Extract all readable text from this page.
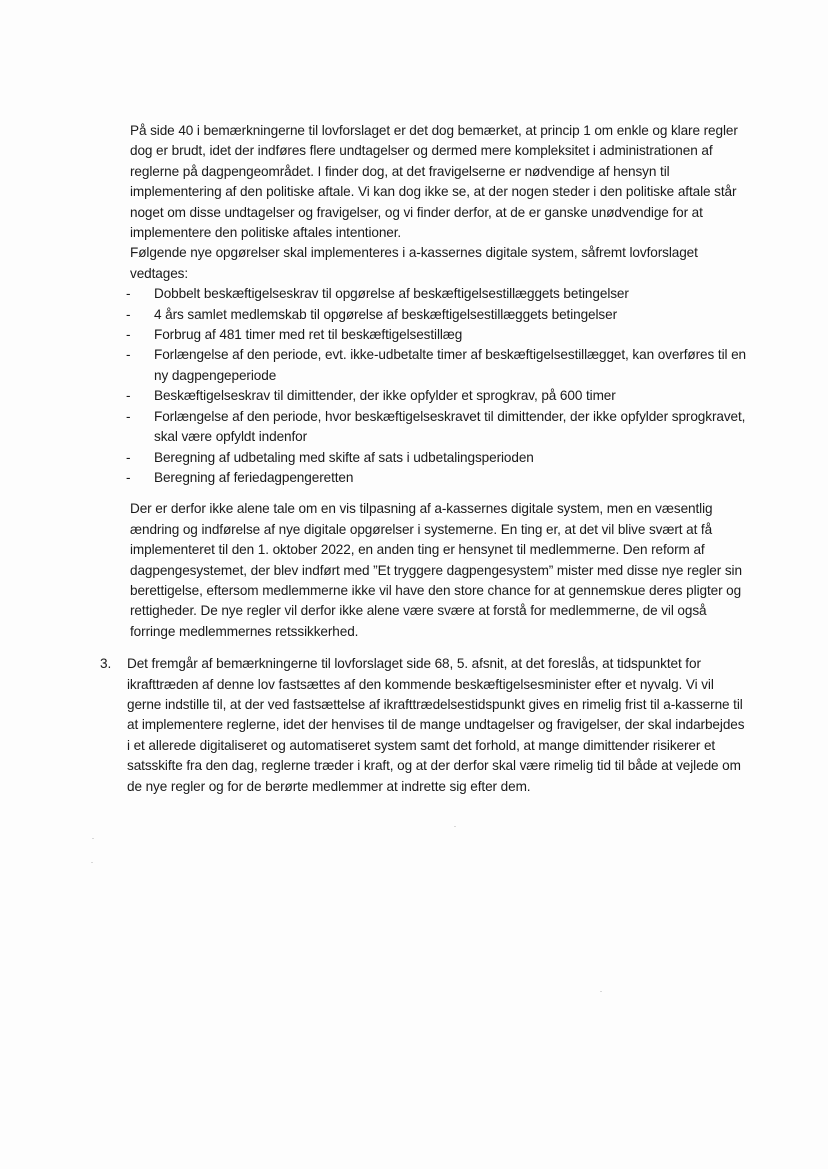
På side 40 i bemærkningerne til lovforslaget er det dog bemærket, at princip 1 om enkle og klare regler dog er brudt, idet der indføres flere undtagelser og dermed mere kompleksitet i administrationen af reglerne på dagpengeområdet. I finder dog, at det fravigelserne er nødvendige af hensyn til implementering af den politiske aftale. Vi kan dog ikke se, at der nogen steder i den politiske aftale står noget om disse undtagelser og fravigelser, og vi finder derfor, at de er ganske unødvendige for at implementere den politiske aftales intentioner.

Følgende nye opgørelser skal implementeres i a-kassernes digitale system, såfremt lovforslaget vedtages:

- Dobbelt beskæftigelseskrav til opgørelse af beskæftigelsestillæggets betingelser
- 4 års samlet medlemskab til opgørelse af beskæftigelsestillæggets betingelser
- Forbrug af 481 timer med ret til beskæftigelsestillæg
- Forlængelse af den periode, evt. ikke-udbetalte timer af beskæftigelsestillægget, kan overføres til en ny dagpengeperiode
- Beskæftigelseskrav til dimittender, der ikke opfylder et sprogkrav, på 600 timer
- Forlængelse af den periode, hvor beskæftigelseskravet til dimittender, der ikke opfylder sprogkravet, skal være opfyldt indenfor
- Beregning af udbetaling med skifte af sats i udbetalingsperioden
- Beregning af feriedagpengeretten

Der er derfor ikke alene tale om en vis tilpasning af a-kassernes digitale system, men en væsentlig ændring og indførelse af nye digitale opgørelser i systemerne. En ting er, at det vil blive svært at få implementeret til den 1. oktober 2022, en anden ting er hensynet til medlemmerne. Den reform af dagpengesystemet, der blev indført med ”Et tryggere dagpengesystem” mister med disse nye regler sin berettigelse, eftersom medlemmerne ikke vil have den store chance for at gennemskue deres pligter og rettigheder. De nye regler vil derfor ikke alene være svære at forstå for medlemmerne, de vil også forringe medlemmernes retssikkerhed.

3. Det fremgår af bemærkningerne til lovforslaget side 68, 5. afsnit, at det foreslås, at tidspunktet for ikrafttræden af denne lov fastsættes af den kommende beskæftigelsesminister efter et nyvalg. Vi vil gerne indstille til, at der ved fastsættelse af ikrafttrædelsestidspunkt gives en rimelig frist til a-kasserne til at implementere reglerne, idet der henvises til de mange undtagelser og fravigelser, der skal indarbejdes i et allerede digitaliseret og automatiseret system samt det forhold, at mange dimittender risikerer et satsskifte fra den dag, reglerne træder i kraft, og at der derfor skal være rimelig tid til både at vejlede om de nye regler og for de berørte medlemmer at indrette sig efter dem.
